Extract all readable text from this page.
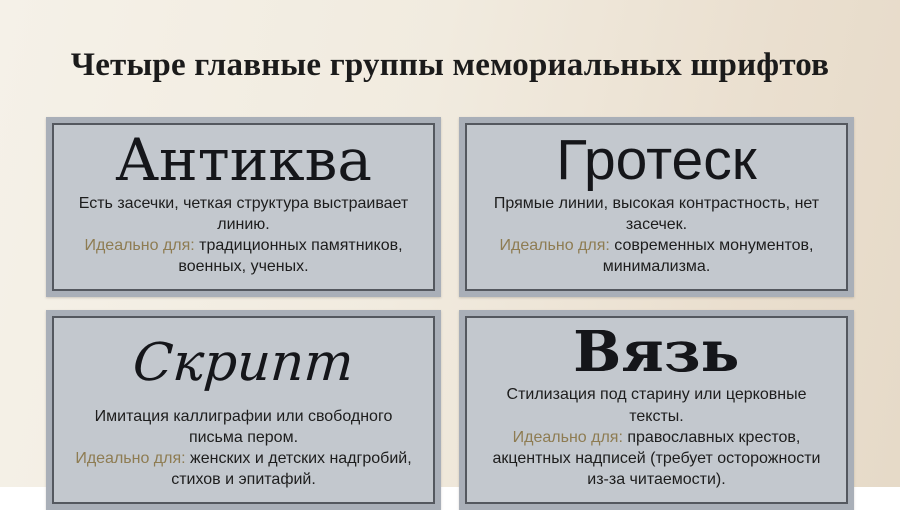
Четыре главные группы мемориальных шрифтов
Антиква

Есть засечки, четкая структура выстраивает линию.
Идеально для: традиционных памятников, военных, ученых.

Гротеск

Прямые линии, высокая контрастность, нет засечек.
Идеально для: современных монументов, минимализма.

Скрипт

Имитация каллиграфии или свободного письма пером.
Идеально для: женских и детских надгробий, стихов и эпитафий.

Вязь

Стилизация под старину или церковные тексты.
Идеально для: православных крестов, акцентных надписей (требует осторожности из-за читаемости).
